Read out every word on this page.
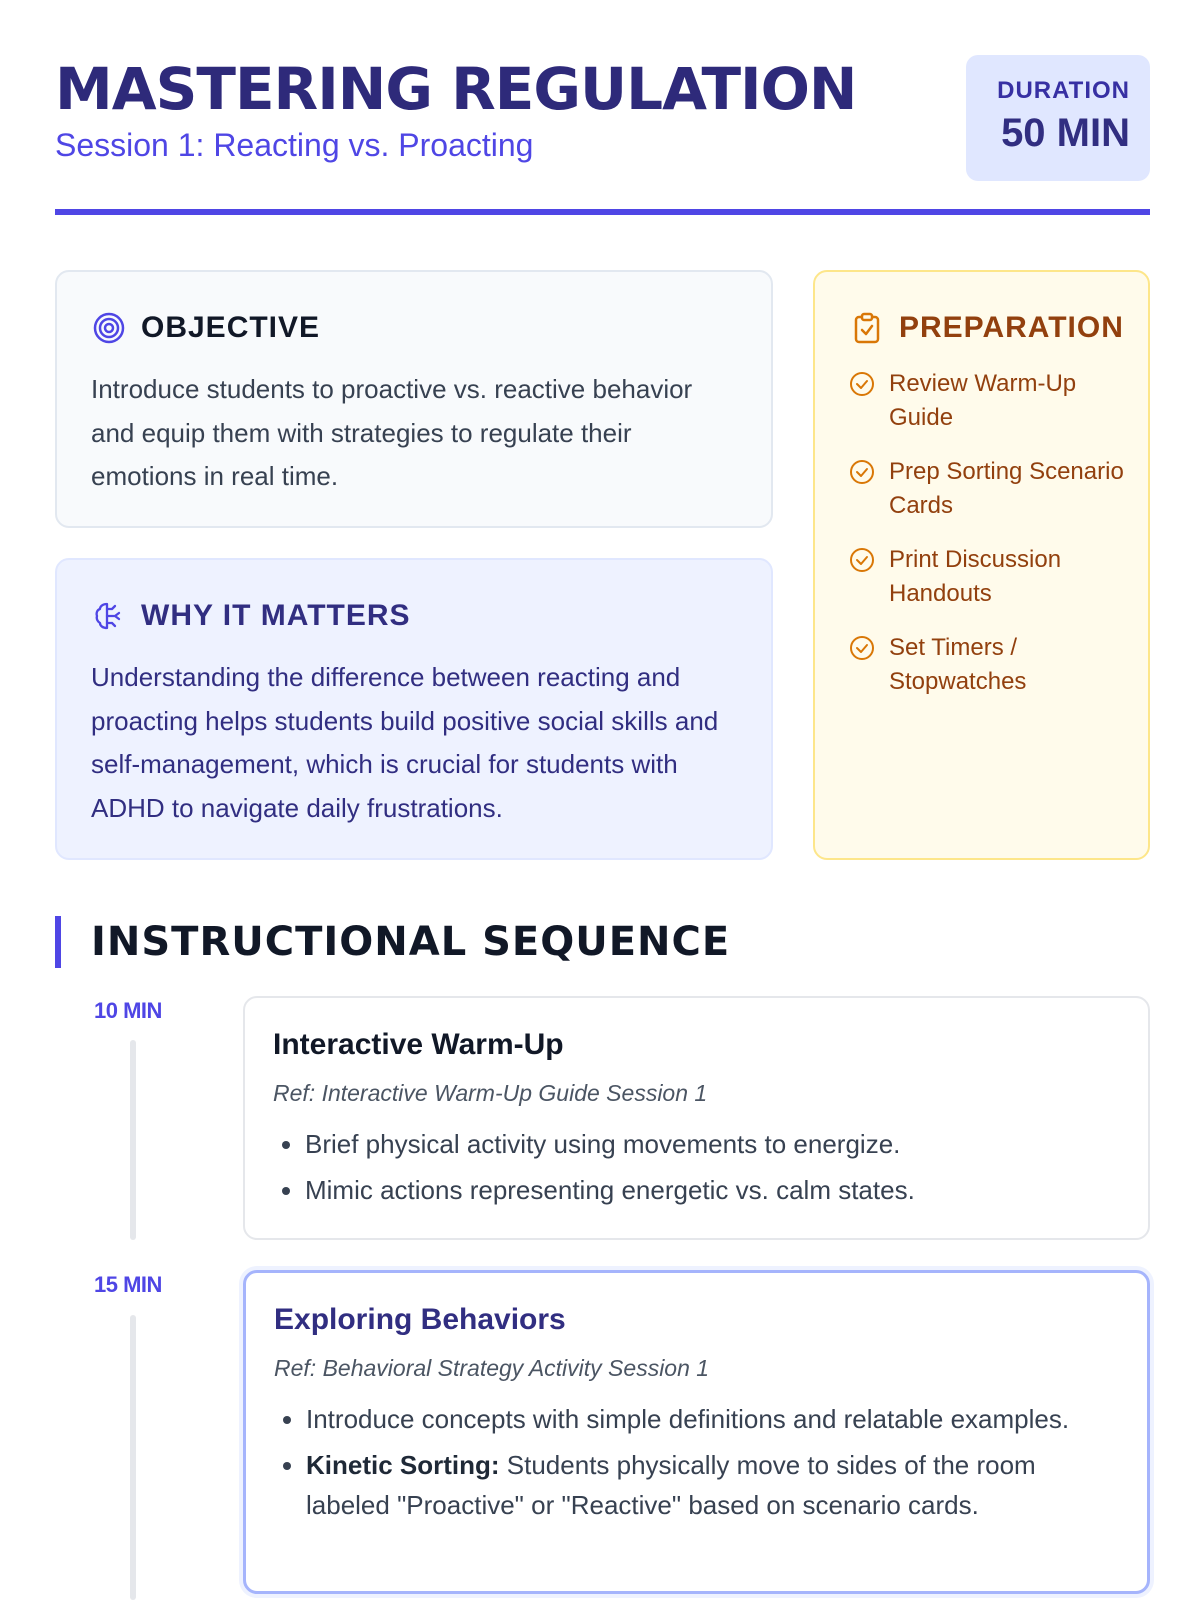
MASTERING REGULATION
Session 1: Reacting vs. Proacting
DURATION
50 MIN
OBJECTIVE
Introduce students to proactive vs. reactive behavior and equip them with strategies to regulate their emotions in real time.
WHY IT MATTERS
Understanding the difference between reacting and proacting helps students build positive social skills and self-management, which is crucial for students with ADHD to navigate daily frustrations.
PREPARATION
Review Warm-Up Guide
Prep Sorting Scenario Cards
Print Discussion Handouts
Set Timers / Stopwatches
INSTRUCTIONAL SEQUENCE
10 MIN
Interactive Warm-Up
Ref: Interactive Warm-Up Guide Session 1
• Brief physical activity using movements to energize.
• Mimic actions representing energetic vs. calm states.
15 MIN
Exploring Behaviors
Ref: Behavioral Strategy Activity Session 1
• Introduce concepts with simple definitions and relatable examples.
• Kinetic Sorting: Students physically move to sides of the room labeled "Proactive" or "Reactive" based on scenario cards.
